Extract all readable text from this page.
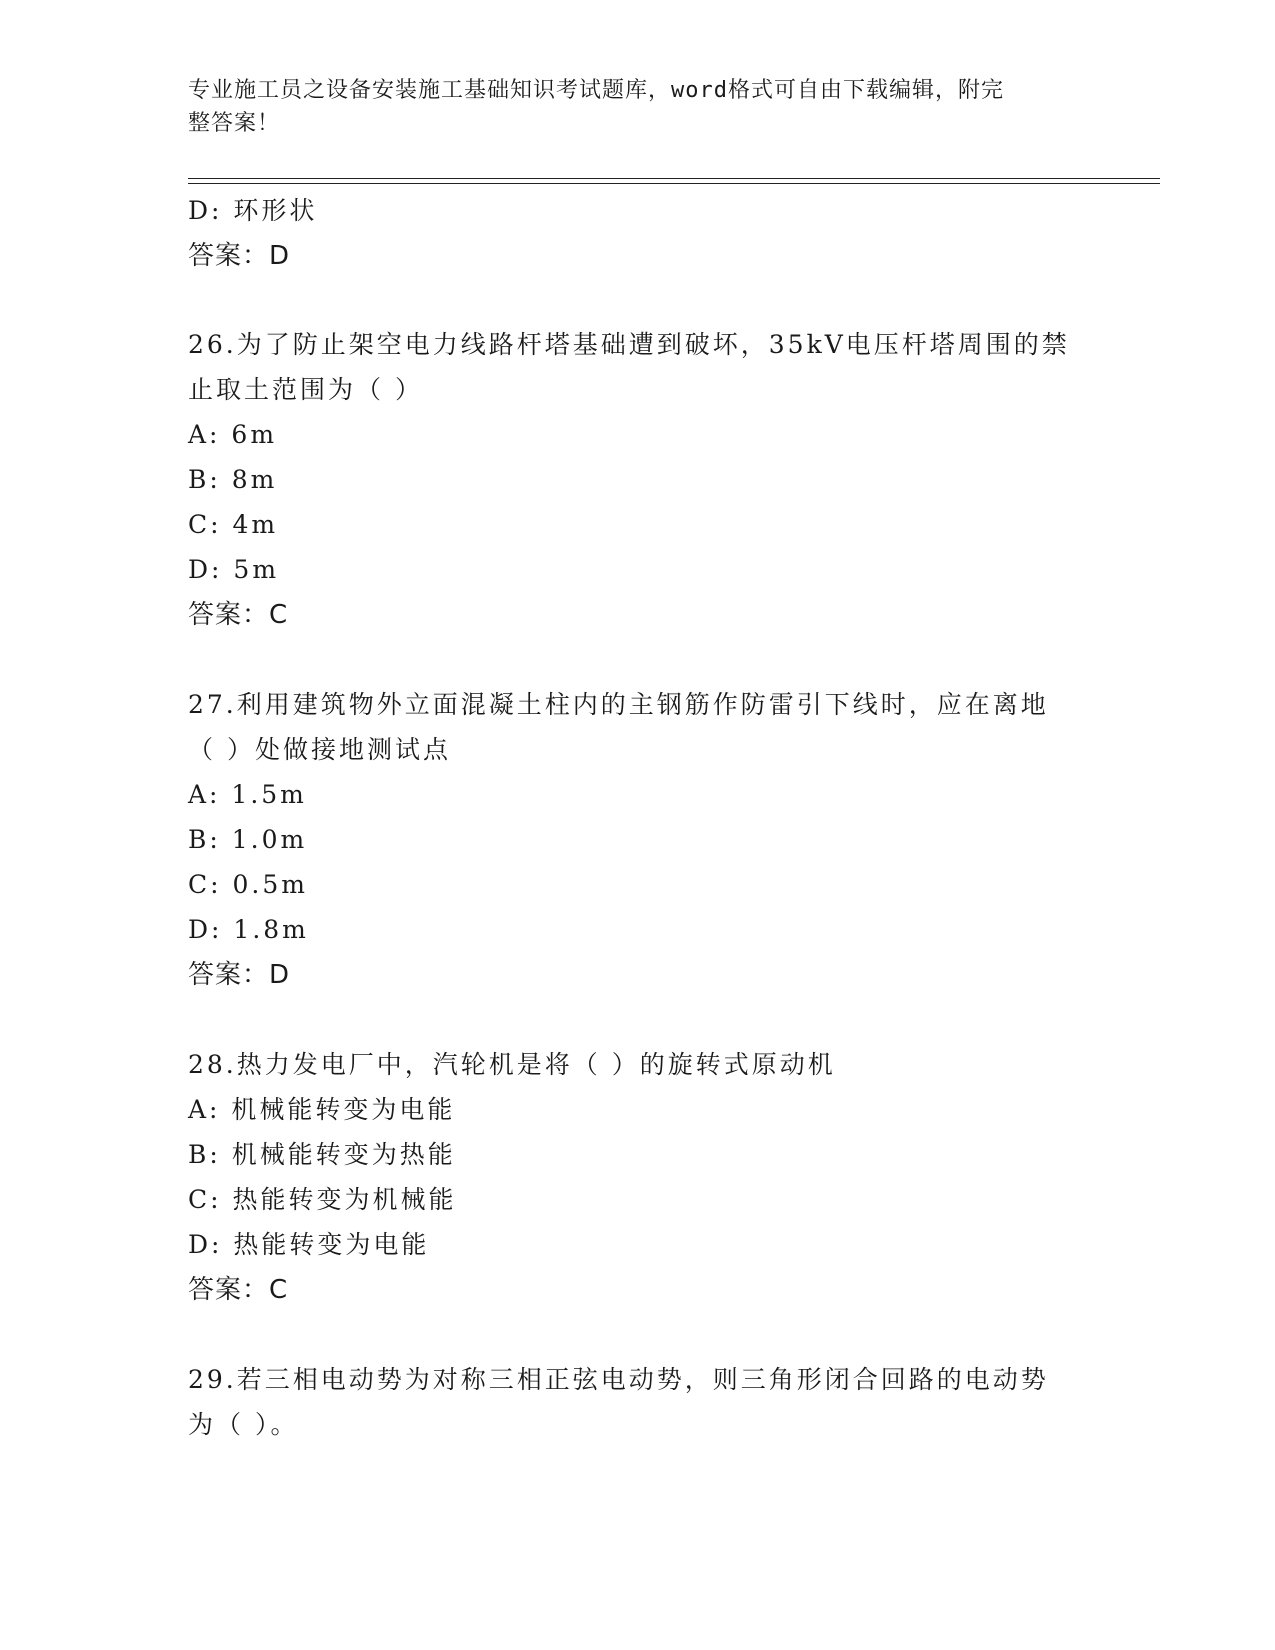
专业施工员之设备安装施工基础知识考试题库，word格式可自由下载编辑，附完
整答案！
D: 环形状
答案：D
26.为了防止架空电力线路杆塔基础遭到破坏，35kV电压杆塔周围的禁
止取土范围为（ ）
A: 6m
B: 8m
C: 4m
D: 5m
答案：C
27.利用建筑物外立面混凝土柱内的主钢筋作防雷引下线时，应在离地
（ ）处做接地测试点
A: 1.5m
B: 1.0m
C: 0.5m
D: 1.8m
答案：D
28.热力发电厂中，汽轮机是将（ ）的旋转式原动机
A: 机械能转变为电能
B: 机械能转变为热能
C: 热能转变为机械能
D: 热能转变为电能
答案：C
29.若三相电动势为对称三相正弦电动势，则三角形闭合回路的电动势
为（ ）。
